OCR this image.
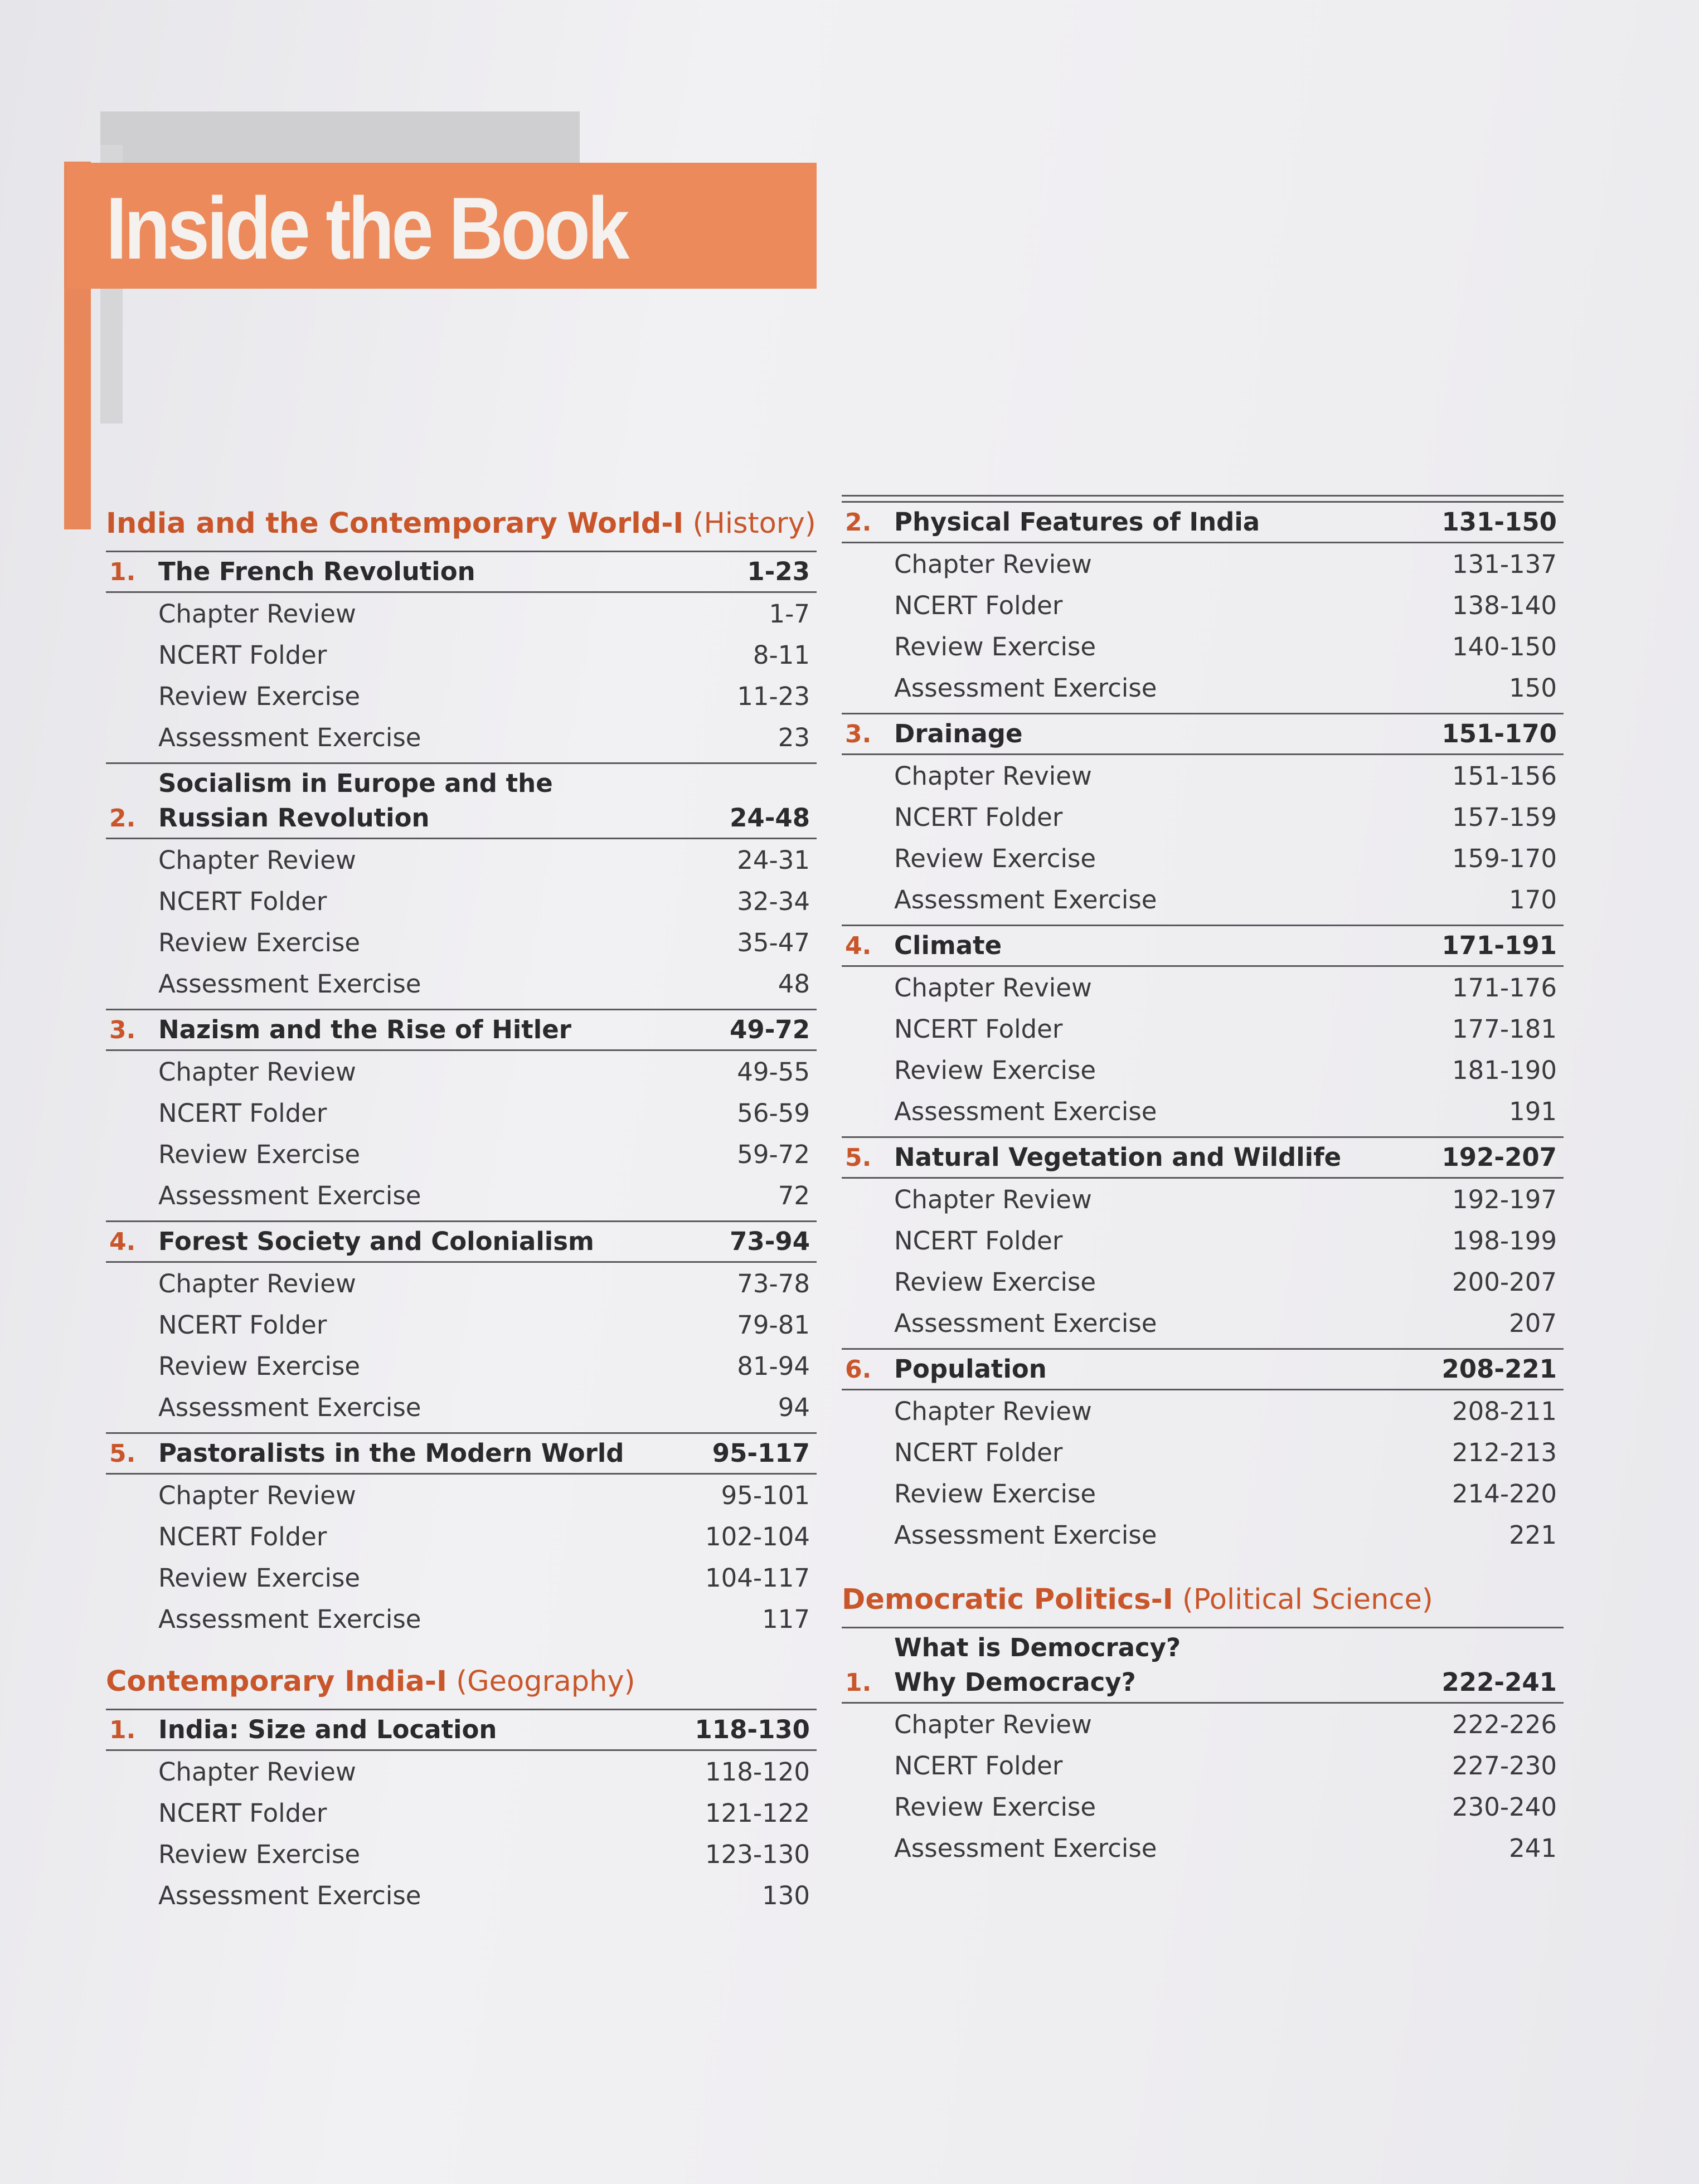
Inside the Book
India and the Contemporary World-I (History)
1. The French Revolution	1-23
Chapter Review	1-7
NCERT Folder	8-11
Review Exercise	11-23
Assessment Exercise	23
2.
Socialism in Europe and the
Russian Revolution	24-48
Chapter Review	24-31
NCERT Folder	32-34
Review Exercise	35-47
Assessment Exercise	48
3. Nazism and the Rise of Hitler	49-72
Chapter Review	49-55
NCERT Folder	56-59
Review Exercise	59-72
Assessment Exercise	72
4. Forest Society and Colonialism	73-94
Chapter Review	73-78
NCERT Folder	79-81
Review Exercise	81-94
Assessment Exercise	94
5. Pastoralists in the Modern World	95-117
Chapter Review	95-101
NCERT Folder	102-104
Review Exercise	104-117
Assessment Exercise	117
Contemporary India-I (Geography)
1. India: Size and Location	118-130
Chapter Review	118-120
NCERT Folder	121-122
Review Exercise	123-130
Assessment Exercise	130
2. Physical Features of India	131-150
Chapter Review	131-137
NCERT Folder	138-140
Review Exercise	140-150
Assessment Exercise	150
3. Drainage	151-170
Chapter Review	151-156
NCERT Folder	157-159
Review Exercise	159-170
Assessment Exercise	170
4. Climate	171-191
Chapter Review	171-176
NCERT Folder	177-181
Review Exercise	181-190
Assessment Exercise	191
5. Natural Vegetation and Wildlife	192-207
Chapter Review	192-197
NCERT Folder	198-199
Review Exercise	200-207
Assessment Exercise	207
6. Population	208-221
Chapter Review	208-211
NCERT Folder	212-213
Review Exercise	214-220
Assessment Exercise	221
Democratic Politics-I (Political Science)
1.
What is Democracy?
Why Democracy?	222-241
Chapter Review	222-226
NCERT Folder	227-230
Review Exercise	230-240
Assessment Exercise	241
